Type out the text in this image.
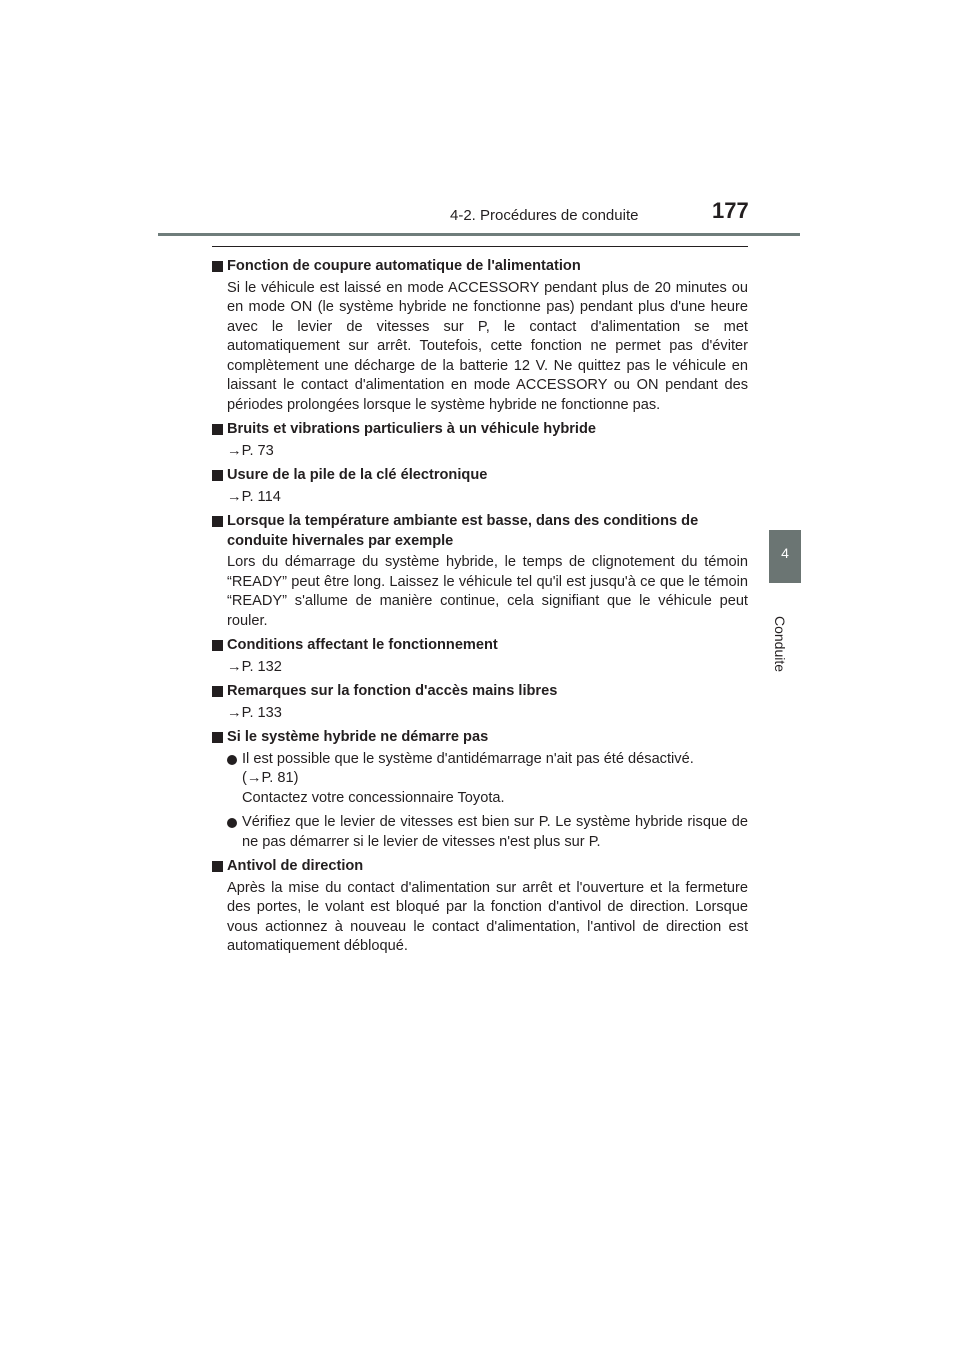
4-2. Procédures de conduite	177
4
Conduite
Fonction de coupure automatique de l'alimentation
Si le véhicule est laissé en mode ACCESSORY pendant plus de 20 minutes ou en mode ON (le système hybride ne fonctionne pas) pendant plus d'une heure avec le levier de vitesses sur P, le contact d'alimentation se met automatiquement sur arrêt. Toutefois, cette fonction ne permet pas d'éviter complètement une décharge de la batterie 12 V. Ne quittez pas le véhicule en laissant le contact d'alimentation en mode ACCESSORY ou ON pendant des périodes prolongées lorsque le système hybride ne fonctionne pas.
Bruits et vibrations particuliers à un véhicule hybride
→P. 73
Usure de la pile de la clé électronique
→P. 114
Lorsque la température ambiante est basse, dans des conditions de conduite hivernales par exemple
Lors du démarrage du système hybride, le temps de clignotement du témoin “READY” peut être long. Laissez le véhicule tel qu'il est jusqu'à ce que le témoin “READY” s'allume de manière continue, cela signifiant que le véhicule peut rouler.
Conditions affectant le fonctionnement
→P. 132
Remarques sur la fonction d'accès mains libres
→P. 133
Si le système hybride ne démarre pas
Il est possible que le système d'antidémarrage n'ait pas été désactivé.
(→P. 81)
Contactez votre concessionnaire Toyota.
Vérifiez que le levier de vitesses est bien sur P. Le système hybride risque de ne pas démarrer si le levier de vitesses n'est plus sur P.
Antivol de direction
Après la mise du contact d'alimentation sur arrêt et l'ouverture et la fermeture des portes, le volant est bloqué par la fonction d'antivol de direction. Lorsque vous actionnez à nouveau le contact d'alimentation, l'antivol de direction est automatiquement débloqué.
